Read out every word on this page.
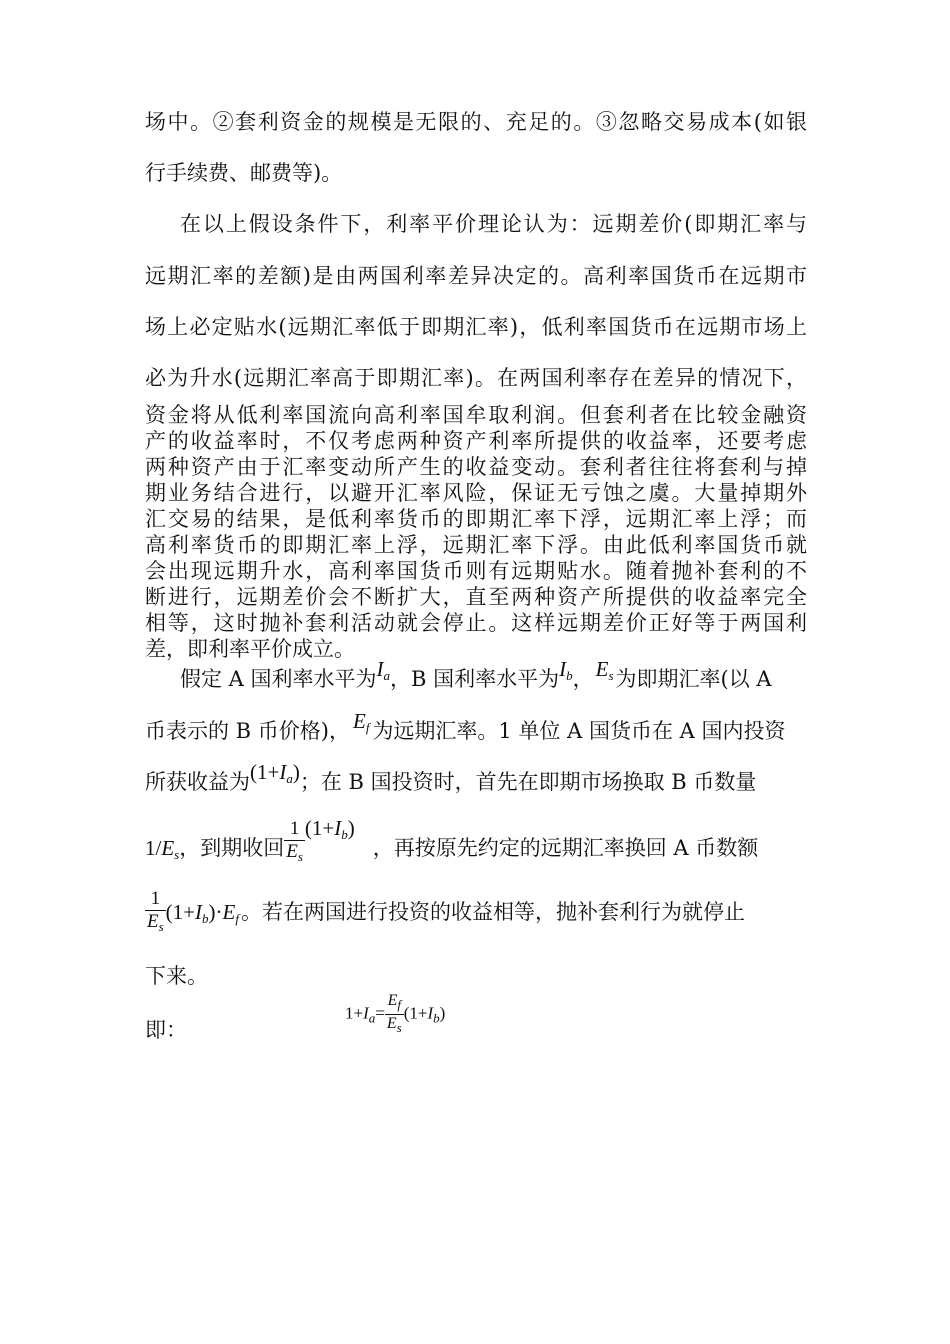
场中。②套利资金的规模是无限的、充足的。③忽略交易成本(如银
行手续费、邮费等)。
在以上假设条件下，利率平价理论认为：远期差价(即期汇率与
远期汇率的差额)是由两国利率差异决定的。高利率国货币在远期市
场上必定贴水(远期汇率低于即期汇率)，低利率国货币在远期市场上
必为升水(远期汇率高于即期汇率)。在两国利率存在差异的情况下，
资金将从低利率国流向高利率国牟取利润。但套利者在比较金融资
产的收益率时，不仅考虑两种资产利率所提供的收益率，还要考虑
两种资产由于汇率变动所产生的收益变动。套利者往往将套利与掉
期业务结合进行，以避开汇率风险，保证无亏蚀之虞。大量掉期外
汇交易的结果，是低利率货币的即期汇率下浮，远期汇率上浮；而
高利率货币的即期汇率上浮，远期汇率下浮。由此低利率国货币就
会出现远期升水，高利率国货币则有远期贴水。随着抛补套利的不
断进行，远期差价会不断扩大，直至两种资产所提供的收益率完全
相等，这时抛补套利活动就会停止。这样远期差价正好等于两国利
差，即利率平价成立。
假定 A 国利率水平为$I_a$，B 国利率水平为$I_b$，$E_s$为即期汇率(以 A
币表示的 B 币价格)， $E_f$ 为远期汇率。1 单位 A 国货币在 A 国内投资
所获收益为$(1+I_a)$；在 B 国投资时，首先在即期市场换取 B 币数量
$1/E_s$，到期收回 $\frac{1}{E_s} (1+I_b)$，再按原先约定的远期汇率换回 A 币数额
$\frac{1}{E_s} (1+I_b)\cdot E_f$。若在两国进行投资的收益相等，抛补套利行为就停止
下来。
即：
$1+I_a= \frac{E_f}{E_s} (1+I_b)$
